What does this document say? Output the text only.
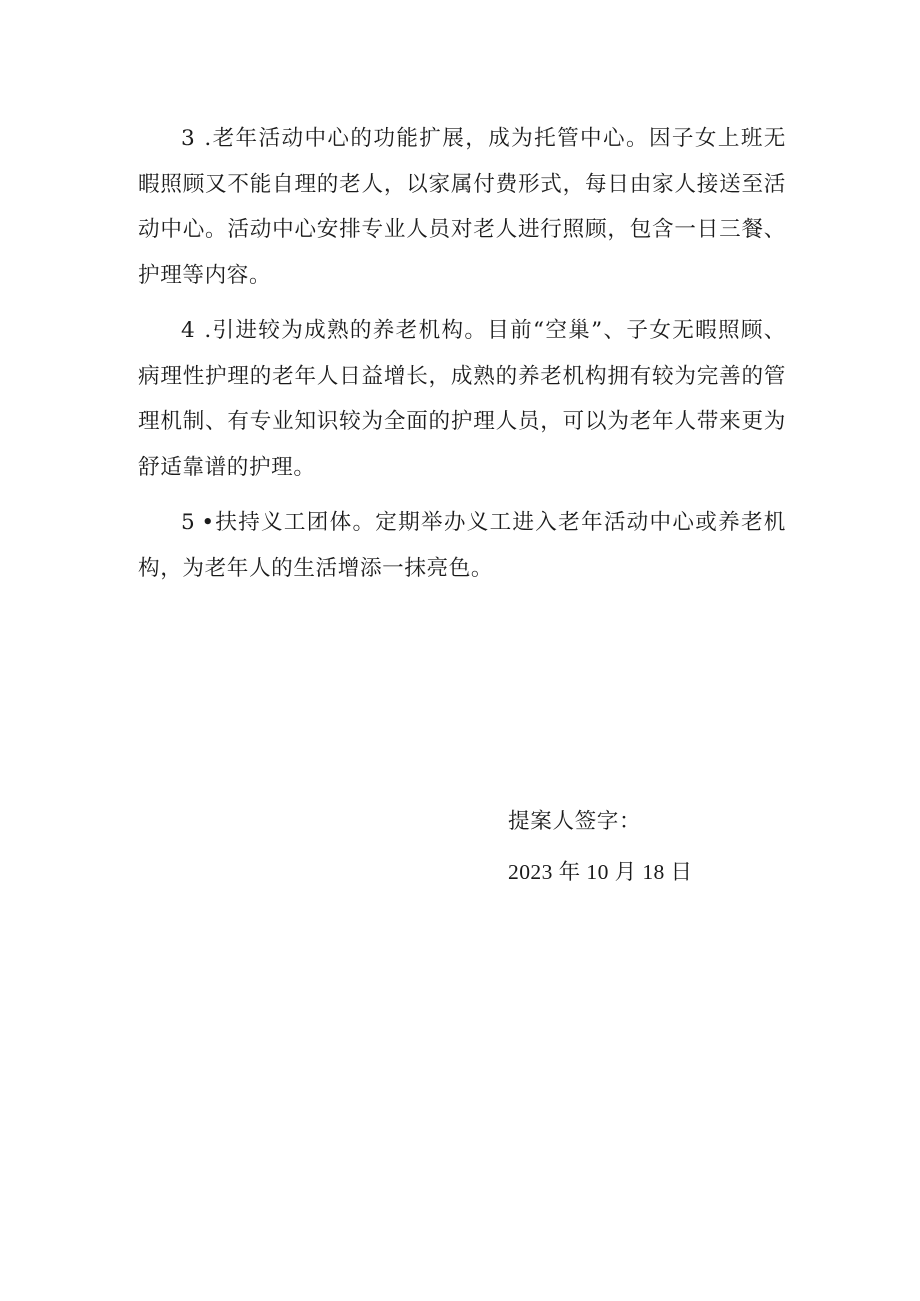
3 .老年活动中心的功能扩展，成为托管中心。因子女上班无暇照顾又不能自理的老人，以家属付费形式，每日由家人接送至活动中心。活动中心安排专业人员对老人进行照顾，包含一日三餐、护理等内容。

4 .引进较为成熟的养老机构。目前“空巢”、子女无暇照顾、病理性护理的老年人日益增长，成熟的养老机构拥有较为完善的管理机制、有专业知识较为全面的护理人员，可以为老年人带来更为舒适靠谱的护理。

5 •扶持义工团体。定期举办义工进入老年活动中心或养老机构，为老年人的生活增添一抹亮色。

提案人签字：
2023 年 10 月 18 日
